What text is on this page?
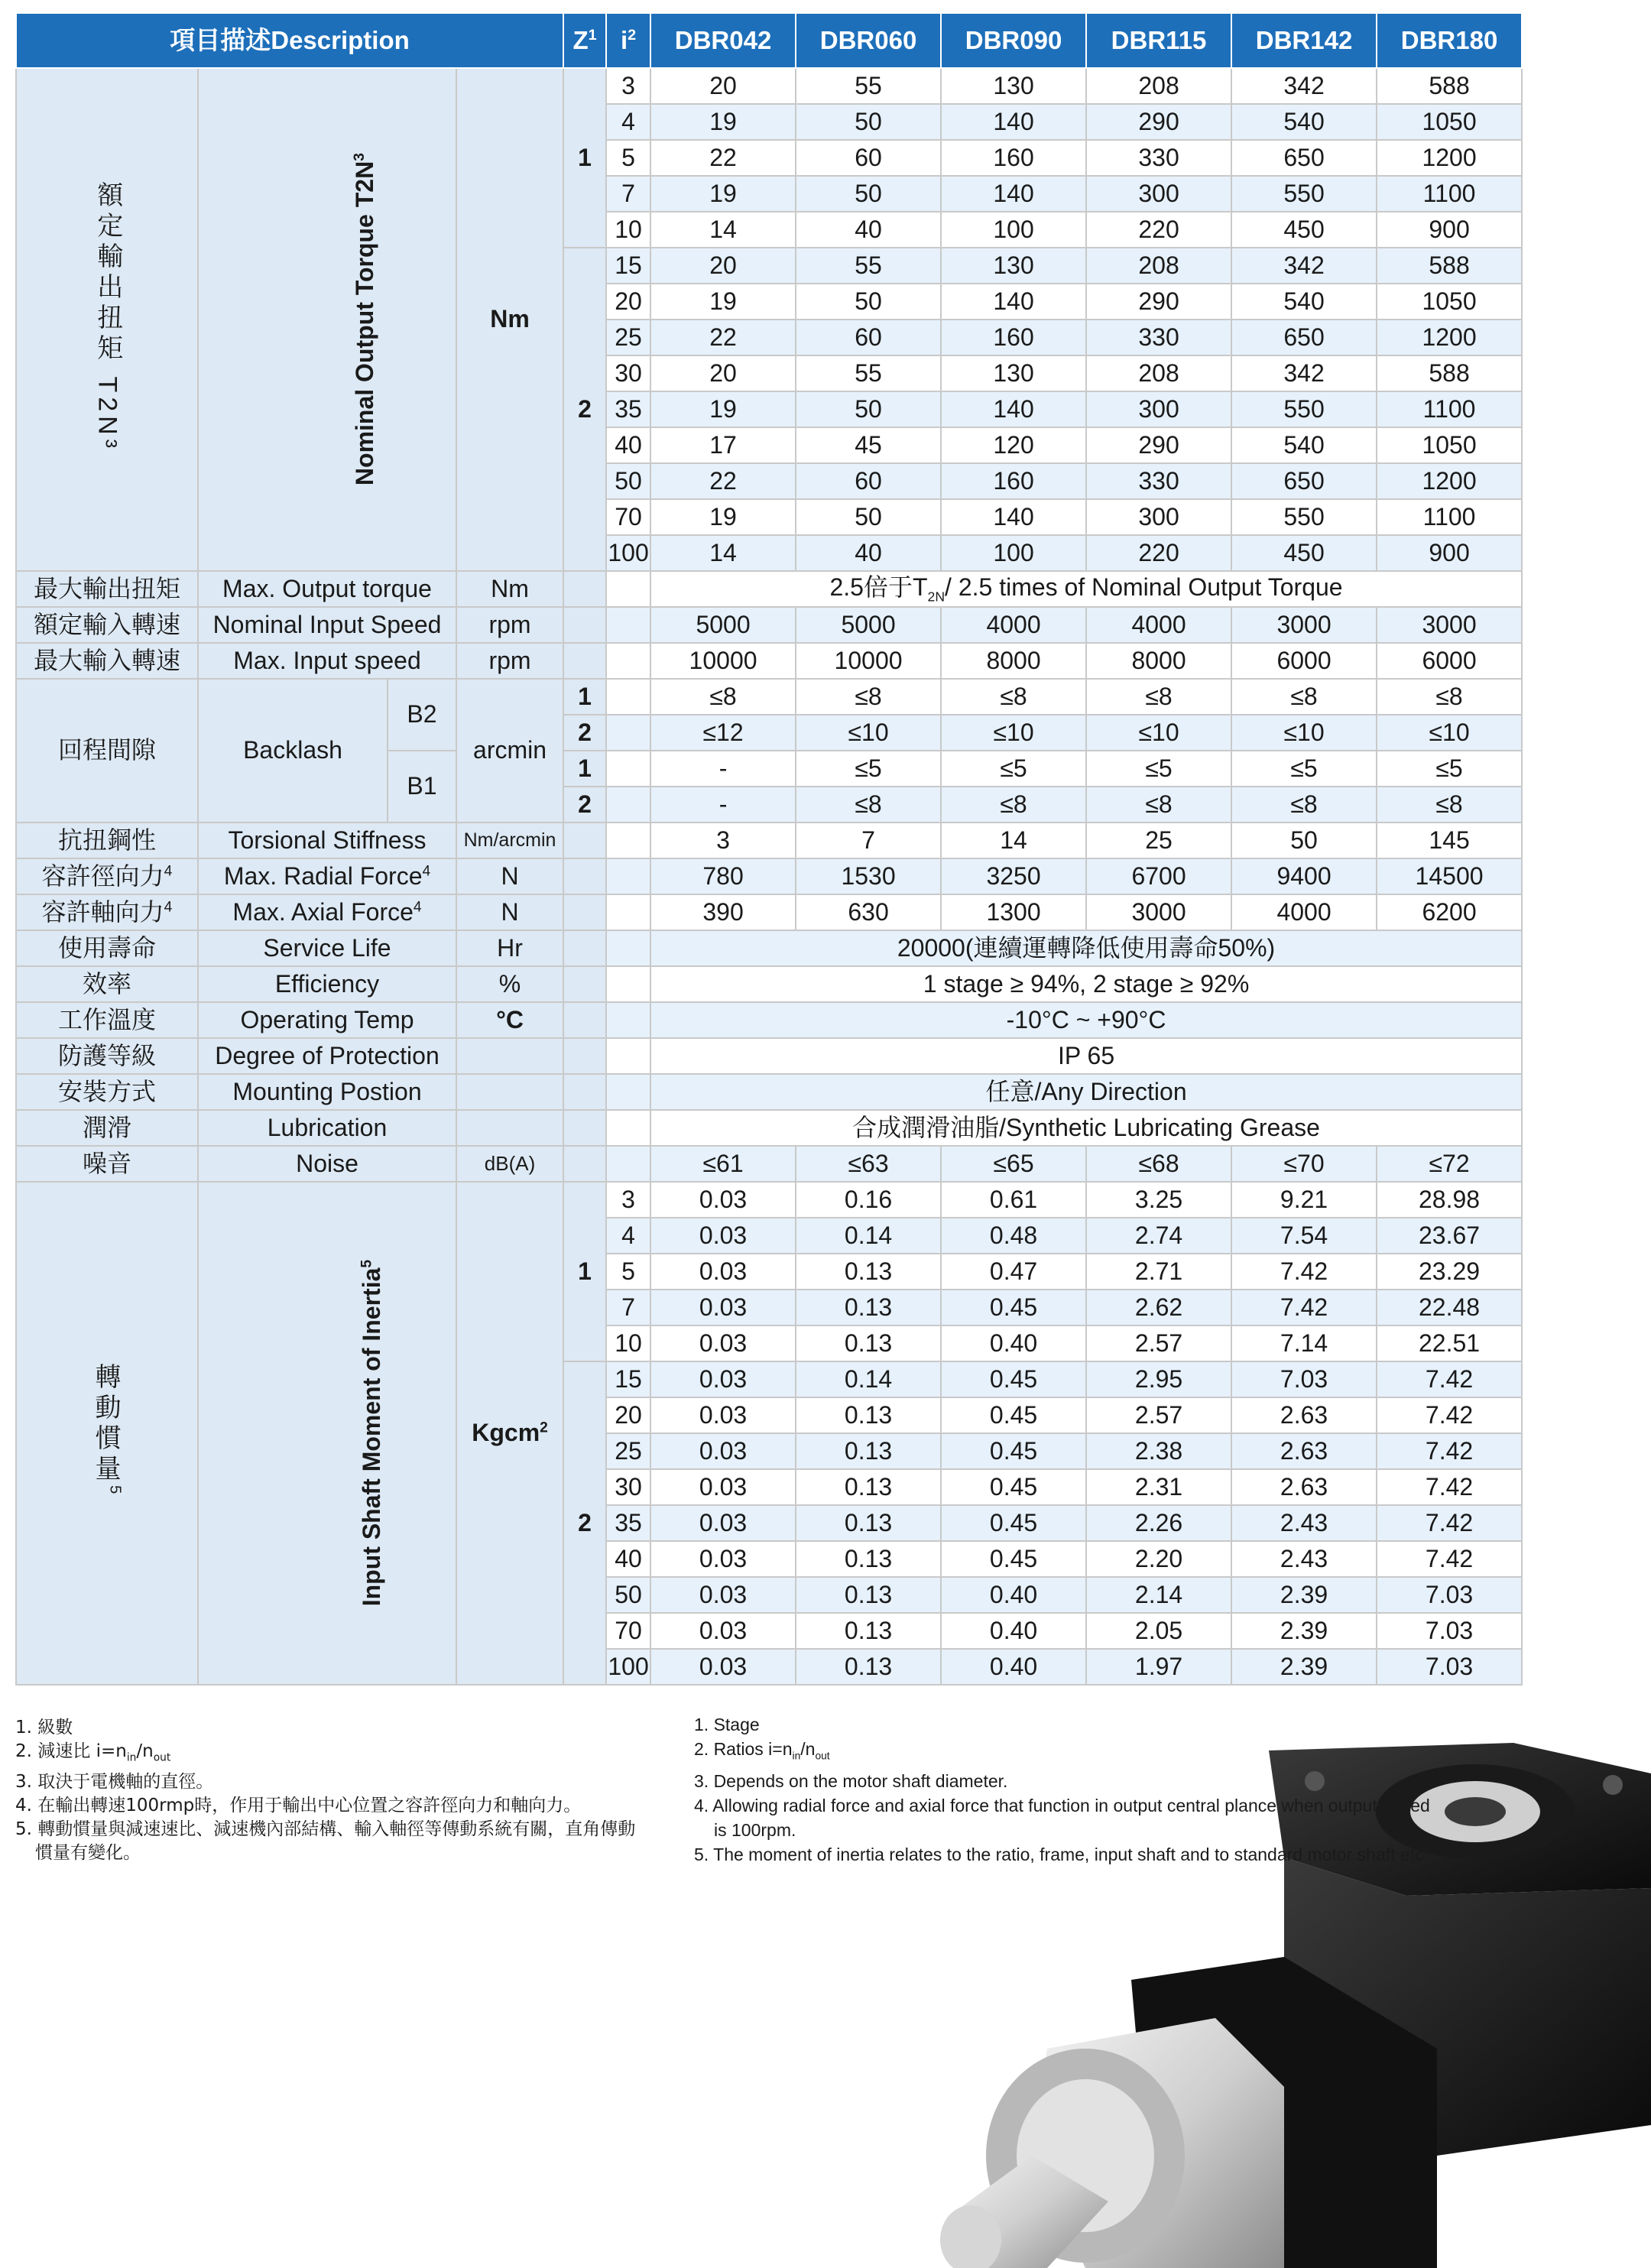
項目描述Description				$Z^1$	$i^2$	DBR042	DBR060	DBR090	DBR115	DBR142	DBR180
額定輸出扭矩 T2N³	Nominal Output Torque $T2N^3$		Nm	1	3	20	55	130	208	342	588
					4	19	50	140	290	540	1050
					5	22	60	160	330	650	1200
					7	19	50	140	300	550	1100
					10	14	40	100	220	450	900
				2	15	20	55	130	208	342	588
					20	19	50	140	290	540	1050
					25	22	60	160	330	650	1200
					30	20	55	130	208	342	588
					35	19	50	140	300	550	1100
					40	17	45	120	290	540	1050
					50	22	60	160	330	650	1200
					70	19	50	140	300	550	1100
					100	14	40	100	220	450	900
最大輸出扭矩	Max. Output torque		Nm			2.5倍于$T_{2N}/$ 2.5 times of Nominal Output Torque					
額定輸入轉速	Nominal Input Speed		rpm			5000	5000	4000	4000	3000	3000
最大輸入轉速	Max. Input speed		rpm			10000	10000	8000	8000	6000	6000
回程間隙	Backlash	B2	arcmin	1		≤8	≤8	≤8	≤8	≤8	≤8
				2		≤12	≤10	≤10	≤10	≤10	≤10
		B1		1		-	≤5	≤5	≤5	≤5	≤5
				2		-	≤8	≤8	≤8	≤8	≤8
抗扭鋼性	Torsional Stiffness		Nm/arcmin			3	7	14	25	50	145
容許徑向力$^4$	Max. Radial Force$^4$		N			780	1530	3250	6700	9400	14500
容許軸向力$^4$	Max. Axial Force$^4$		N			390	630	1300	3000	4000	6200
使用壽命	Service Life		Hr			20000(連續運轉降低使用壽命50%)					
效率	Efficiency		%			1 stage ≥ 94%, 2 stage ≥ 92%					
工作溫度	Operating Temp		°C			-10°C ~ +90°C					
防護等級	Degree of Protection					IP 65					
安裝方式	Mounting Postion					任意/Any Direction					
潤滑	Lubrication					合成潤滑油脂/Synthetic Lubricating Grease					
噪音	Noise		dB(A)			≤61	≤63	≤65	≤68	≤70	≤72
轉動慣量$^5$	Input Shaft Moment of Inertia$^5$		Kgcm$^2$	1	3	0.03	0.16	0.61	3.25	9.21	28.98
					4	0.03	0.14	0.48	2.74	7.54	23.67
					5	0.03	0.13	0.47	2.71	7.42	23.29
					7	0.03	0.13	0.45	2.62	7.42	22.48
					10	0.03	0.13	0.40	2.57	7.14	22.51
				2	15	0.03	0.14	0.45	2.95	7.03	7.42
					20	0.03	0.13	0.45	2.57	2.63	7.42
					25	0.03	0.13	0.45	2.38	2.63	7.42
					30	0.03	0.13	0.45	2.31	2.63	7.42
					35	0.03	0.13	0.45	2.26	2.43	7.42
					40	0.03	0.13	0.45	2.20	2.43	7.42
					50	0.03	0.13	0.40	2.14	2.39	7.03
					70	0.03	0.13	0.40	2.05	2.39	7.03
					100	0.03	0.13	0.40	1.97	2.39	7.03

1. 級數

2. 減速比 $i=n_{in}/n_{out}$

3. 取決于電機軸的直徑。

4. 在輸出轉速100rmp時，作用于輸出中心位置之容許徑向力和軸向力。

5. 轉動慣量與減速速比、減速機內部結構、輸入軸徑等傳動系統有關，直角傳動

慣量有變化。

1. Stage

2. Ratios $i=n_{in}/n_{out}$

3. Depends on the motor shaft diameter.

4. Allowing radial force and axial force that function in output central plance when output speed

is 100rpm.

5. The moment of inertia relates to the ratio, frame, input shaft and to standard motor shaft etc.
